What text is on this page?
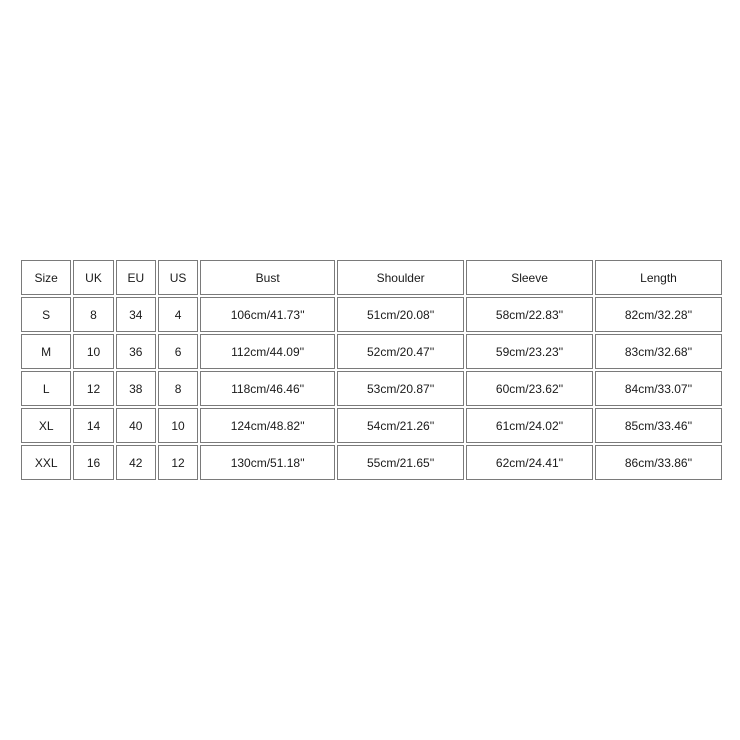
Size	UK	EU	US	Bust	Shoulder	Sleeve	Length
S	8	34	4	106cm/41.73''	51cm/20.08''	58cm/22.83''	82cm/32.28''
M	10	36	6	112cm/44.09''	52cm/20.47''	59cm/23.23''	83cm/32.68''
L	12	38	8	118cm/46.46''	53cm/20.87''	60cm/23.62''	84cm/33.07''
XL	14	40	10	124cm/48.82''	54cm/21.26''	61cm/24.02''	85cm/33.46''
XXL	16	42	12	130cm/51.18''	55cm/21.65''	62cm/24.41''	86cm/33.86''
